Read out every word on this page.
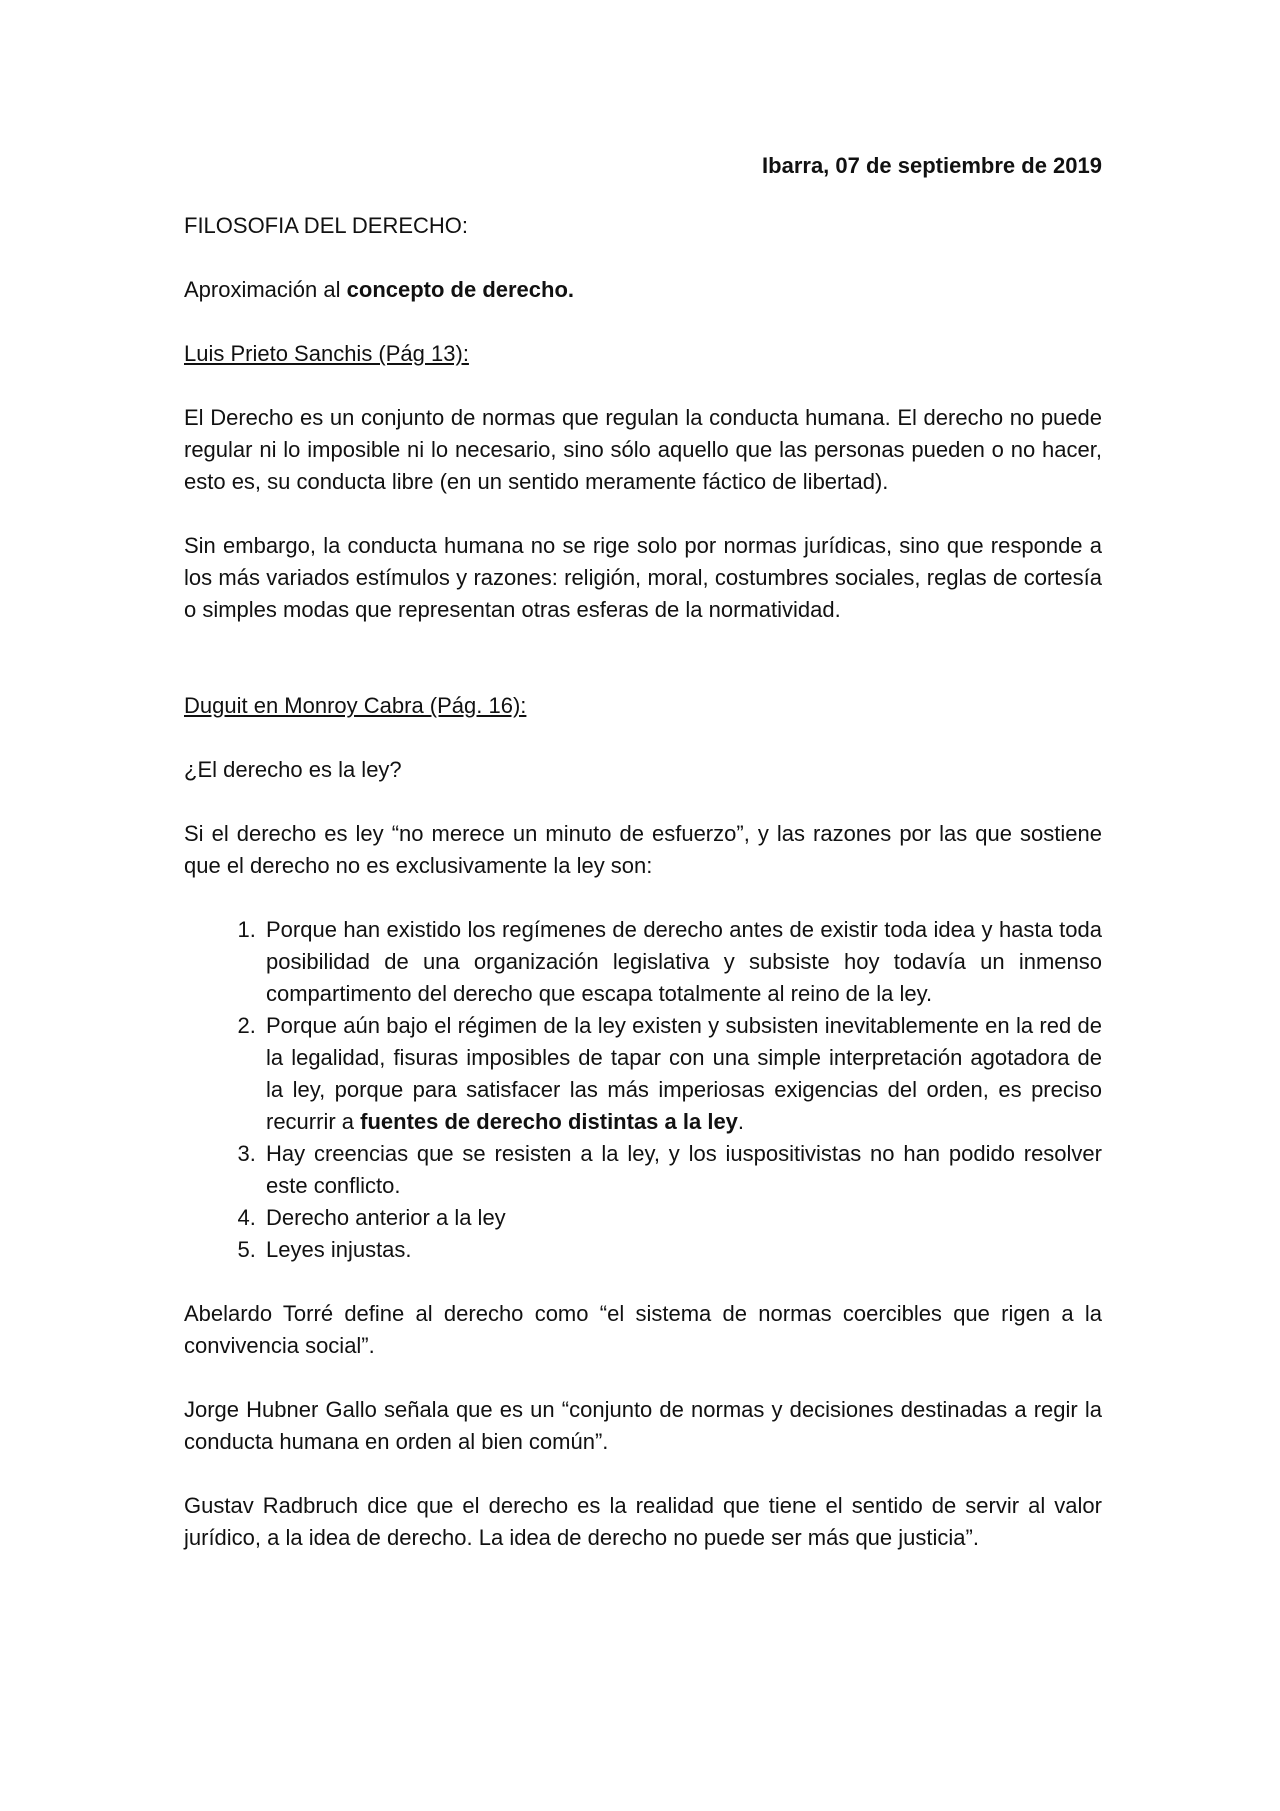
Ibarra, 07 de septiembre de 2019

FILOSOFIA DEL DERECHO:

Aproximación al concepto de derecho.

Luis Prieto Sanchis (Pág 13):

El Derecho es un conjunto de normas que regulan la conducta humana. El derecho no puede regular ni lo imposible ni lo necesario, sino sólo aquello que las personas pueden o no hacer, esto es, su conducta libre (en un sentido meramente fáctico de libertad).

Sin embargo, la conducta humana no se rige solo por normas jurídicas, sino que responde a los más variados estímulos y razones: religión, moral, costumbres sociales, reglas de cortesía o simples modas que representan otras esferas de la normatividad.

Duguit en Monroy Cabra (Pág. 16):

¿El derecho es la ley?

Si el derecho es ley “no merece un minuto de esfuerzo”, y las razones por las que sostiene que el derecho no es exclusivamente la ley son:

1. Porque han existido los regímenes de derecho antes de existir toda idea y hasta toda posibilidad de una organización legislativa y subsiste hoy todavía un inmenso compartimento del derecho que escapa totalmente al reino de la ley.
2. Porque aún bajo el régimen de la ley existen y subsisten inevitablemente en la red de la legalidad, fisuras imposibles de tapar con una simple interpretación agotadora de la ley, porque para satisfacer las más imperiosas exigencias del orden, es preciso recurrir a fuentes de derecho distintas a la ley.
3. Hay creencias que se resisten a la ley, y los iuspositivistas no han podido resolver este conflicto.
4. Derecho anterior a la ley
5. Leyes injustas.

Abelardo Torré define al derecho como “el sistema de normas coercibles que rigen a la convivencia social”.

Jorge Hubner Gallo señala que es un “conjunto de normas y decisiones destinadas a regir la conducta humana en orden al bien común”.

Gustav Radbruch dice que el derecho es la realidad que tiene el sentido de servir al valor jurídico, a la idea de derecho. La idea de derecho no puede ser más que justicia”.
